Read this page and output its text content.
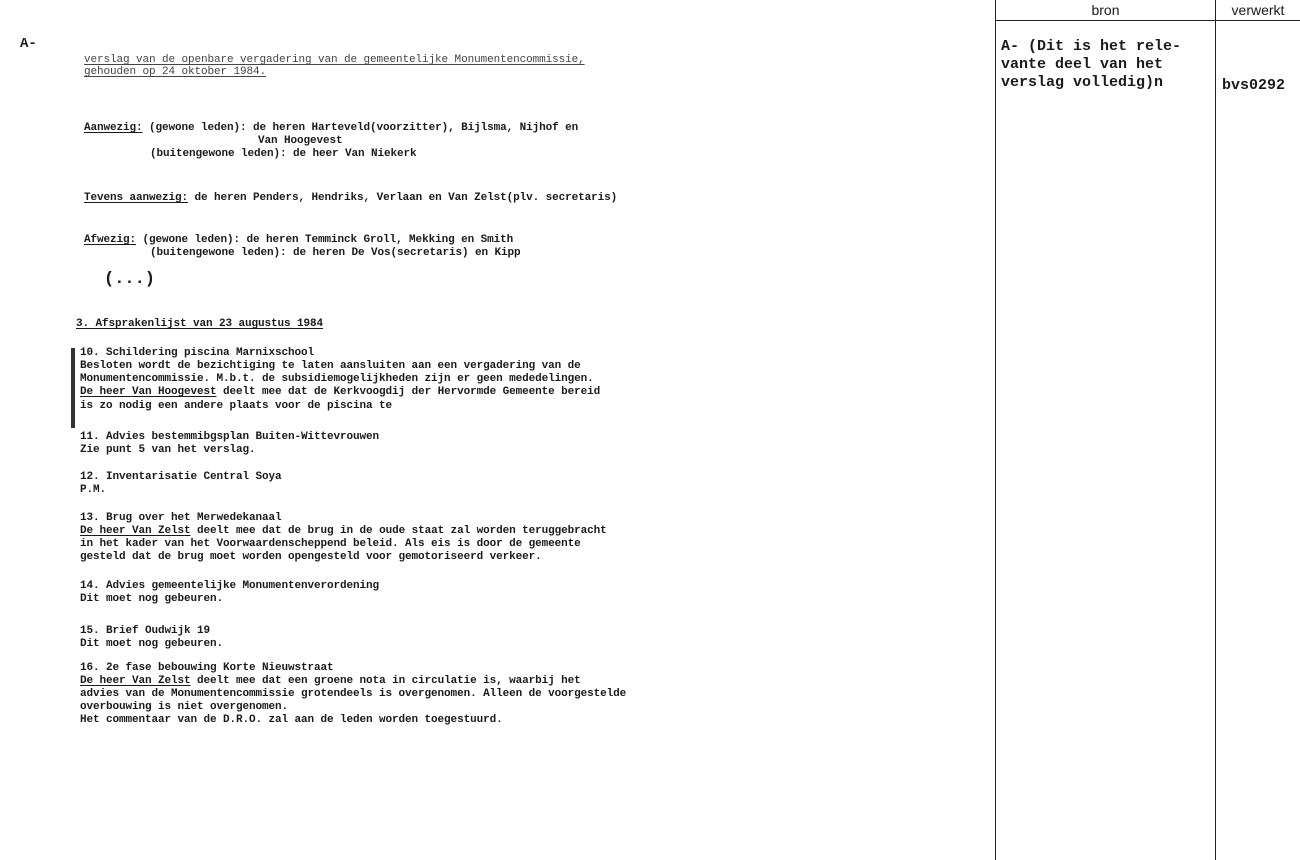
A-
verslag van de openbare vergadering van de gemeentelijke Monumentencommissie,
gehouden op 24 oktober 1984.
Aanwezig: (gewone leden): de heren Harteveld(voorzitter), Bijlsma, Nijhof en
Van Hoogevest
(buitengewone leden): de heer Van Niekerk
Tevens aanwezig: de heren Penders, Hendriks, Verlaan en Van Zelst(plv. secretaris)
Afwezig: (gewone leden): de heren Temminck Groll, Mekking en Smith
(buitengewone leden): de heren De Vos(secretaris) en Kipp
(...)
3. Afsprakenlijst van 23 augustus 1984
10. Schildering piscina Marnixschool
Besloten wordt de bezichtiging te laten aansluiten aan een vergadering van de
Monumentencommissie. M.b.t. de subsidiemogelijkheden zijn er geen mededelingen.
De heer Van Hoogevest deelt mee dat de Kerkvoogdij der Hervormde Gemeente bereid
is zo nodig een andere plaats voor de piscina te
11. Advies bestemmibgsplan Buiten-Wittevrouwen
Zie punt 5 van het verslag.
12. Inventarisatie Central Soya
P.M.
13. Brug over het Merwedekanaal
De heer Van Zelst deelt mee dat de brug in de oude staat zal worden teruggebracht
in het kader van het Voorwaardenscheppend beleid. Als eis is door de gemeente
gesteld dat de brug moet worden opengesteld voor gemotoriseerd verkeer.
14. Advies gemeentelijke Monumentenverordening
Dit moet nog gebeuren.
15. Brief Oudwijk 19
Dit moet nog gebeuren.
16. 2e fase bebouwing Korte Nieuwstraat
De heer Van Zelst deelt mee dat een groene nota in circulatie is, waarbij het
advies van de Monumentencommissie grotendeels is overgenomen. Alleen de voorgestelde
overbouwing is niet overgenomen.
Het commentaar van de D.R.O. zal aan de leden worden toegestuurd.
bron	verwerkt
A- (Dit is het rele-
vante deel van het
verslag volledig)n	bvs0292
